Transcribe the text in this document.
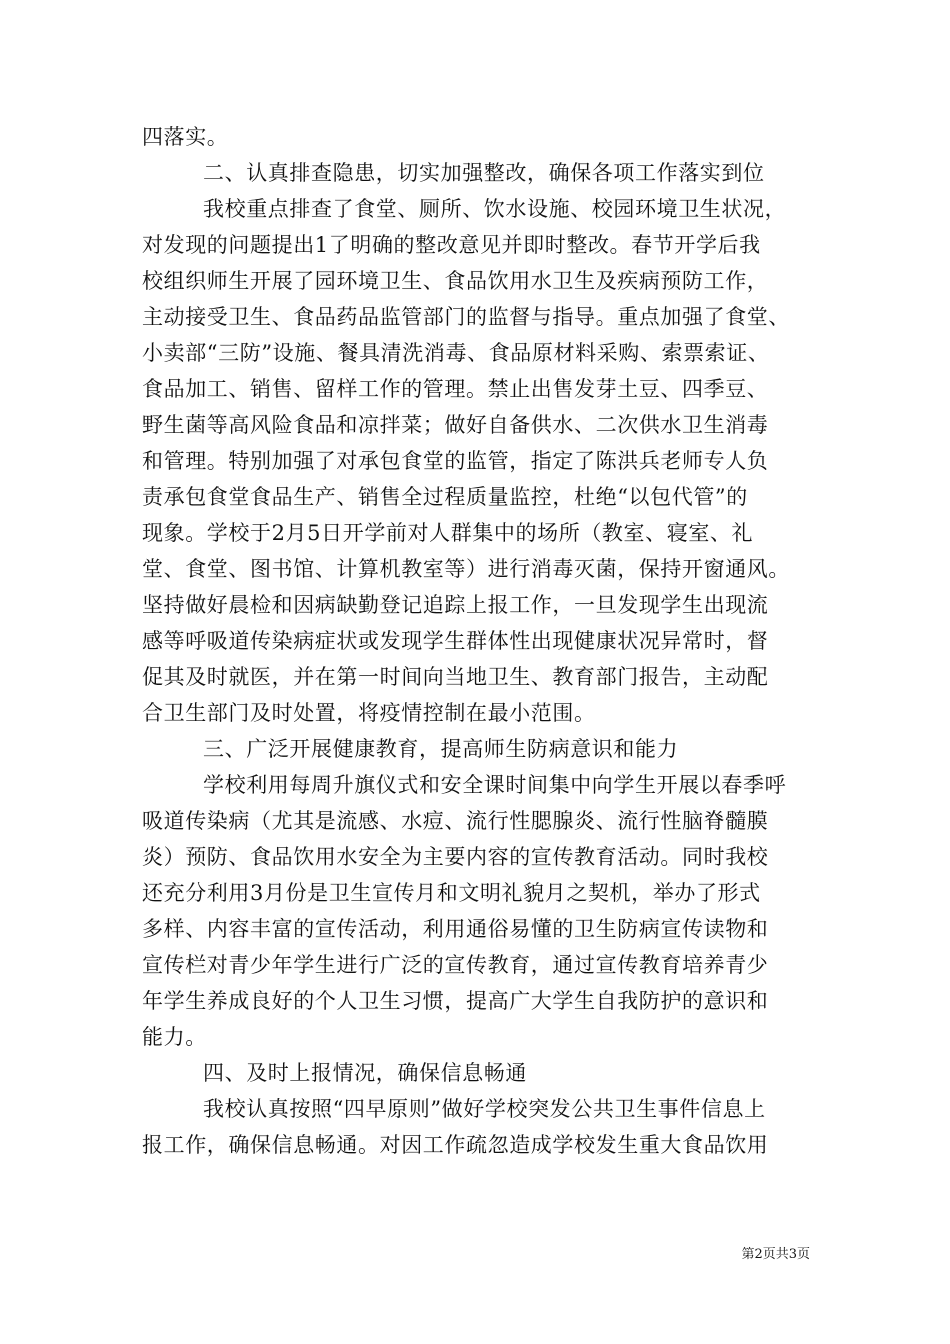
四落实。
二、认真排查隐患，切实加强整改，确保各项工作落实到位
我校重点排查了食堂、厕所、饮水设施、校园环境卫生状况，
对发现的问题提出1了明确的整改意见并即时整改。春节开学后我
校组织师生开展了园环境卫生、食品饮用水卫生及疾病预防工作，
主动接受卫生、食品药品监管部门的监督与指导。重点加强了食堂、
小卖部“三防”设施、餐具清洗消毒、食品原材料采购、索票索证、
食品加工、销售、留样工作的管理。禁止出售发芽土豆、四季豆、
野生菌等高风险食品和凉拌菜；做好自备供水、二次供水卫生消毒
和管理。特别加强了对承包食堂的监管，指定了陈洪兵老师专人负
责承包食堂食品生产、销售全过程质量监控，杜绝“以包代管”的
现象。学校于2月5日开学前对人群集中的场所（教室、寝室、礼
堂、食堂、图书馆、计算机教室等）进行消毒灭菌，保持开窗通风。
坚持做好晨检和因病缺勤登记追踪上报工作，一旦发现学生出现流
感等呼吸道传染病症状或发现学生群体性出现健康状况异常时，督
促其及时就医，并在第一时间向当地卫生、教育部门报告，主动配
合卫生部门及时处置，将疫情控制在最小范围。
三、广泛开展健康教育，提高师生防病意识和能力
学校利用每周升旗仪式和安全课时间集中向学生开展以春季呼
吸道传染病（尤其是流感、水痘、流行性腮腺炎、流行性脑脊髓膜
炎）预防、食品饮用水安全为主要内容的宣传教育活动。同时我校
还充分利用3月份是卫生宣传月和文明礼貌月之契机，举办了形式
多样、内容丰富的宣传活动，利用通俗易懂的卫生防病宣传读物和
宣传栏对青少年学生进行广泛的宣传教育，通过宣传教育培养青少
年学生养成良好的个人卫生习惯，提高广大学生自我防护的意识和
能力。
四、及时上报情况，确保信息畅通
我校认真按照“四早原则”做好学校突发公共卫生事件信息上
报工作，确保信息畅通。对因工作疏忽造成学校发生重大食品饮用
第2页共3页
